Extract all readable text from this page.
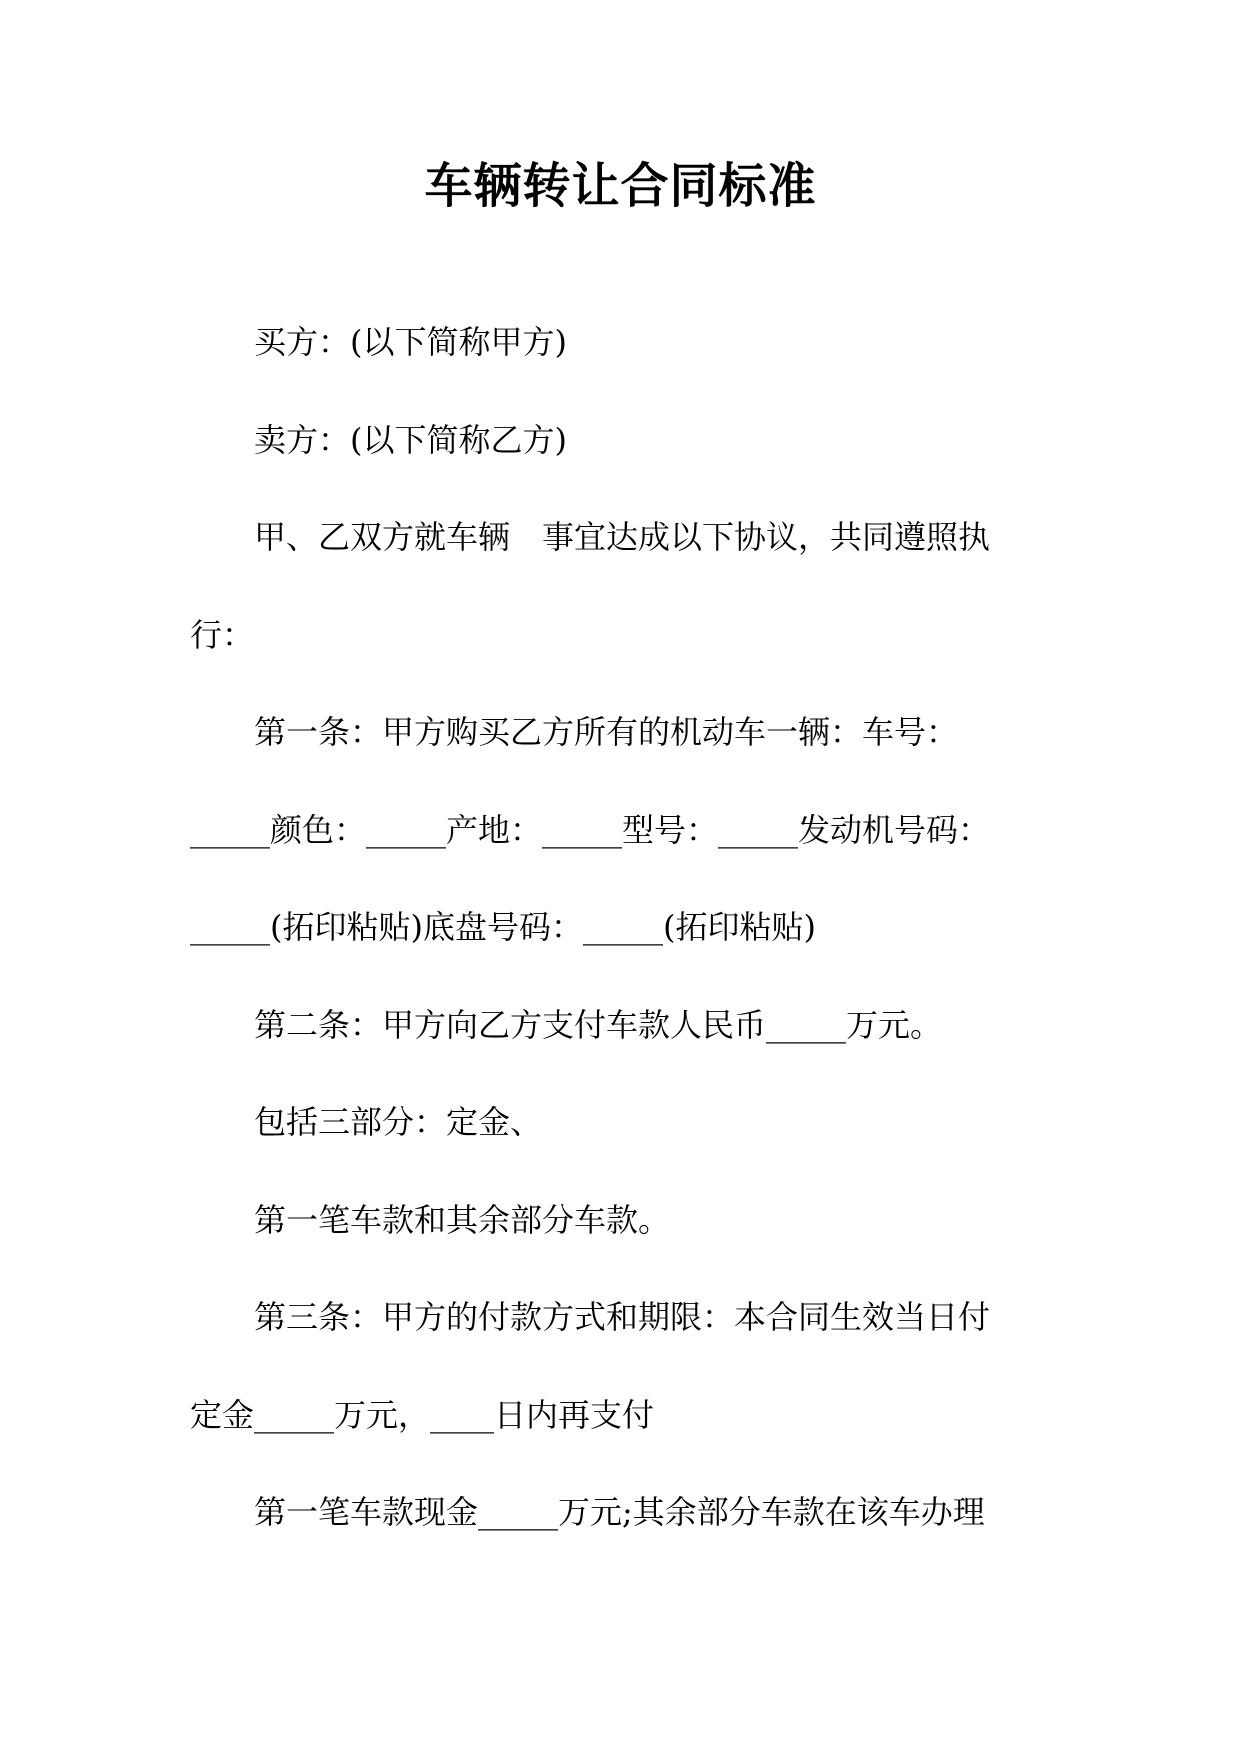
车辆转让合同标准

买方：(以下简称甲方)

卖方：(以下简称乙方)

甲、乙双方就车辆　事宜达成以下协议，共同遵照执

行：

第一条：甲方购买乙方所有的机动车一辆：车号：

_____颜色：_____产地：_____型号：_____发动机号码：

_____(拓印粘贴)底盘号码：_____(拓印粘贴)

第二条：甲方向乙方支付车款人民币_____万元。

包括三部分：定金、

第一笔车款和其余部分车款。

第三条：甲方的付款方式和期限：本合同生效当日付

定金_____万元，____日内再支付

第一笔车款现金_____万元;其余部分车款在该车办理
